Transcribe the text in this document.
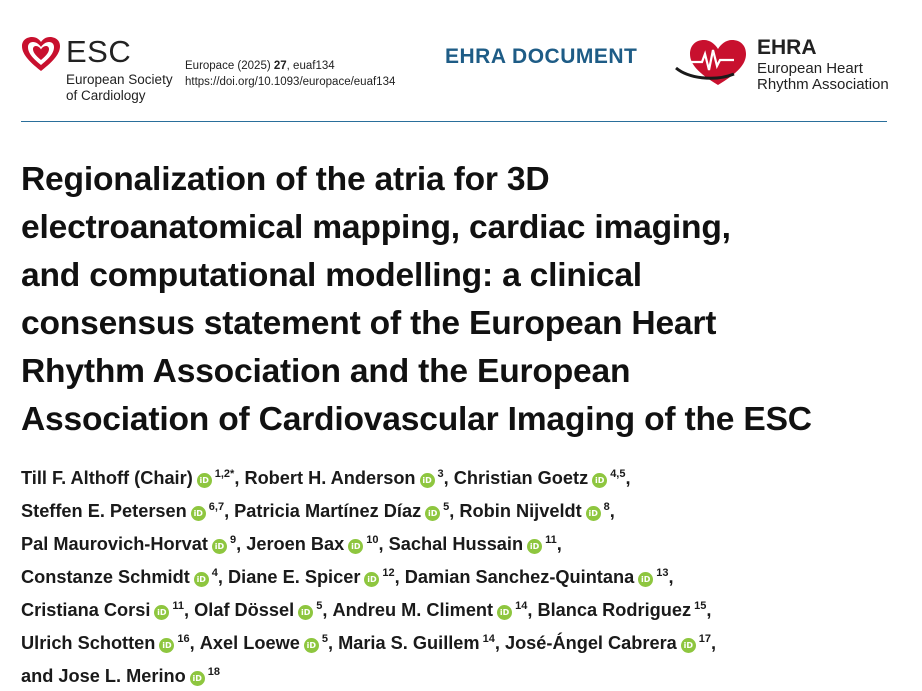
ESC
European Society
of Cardiology
Europace (2025) 27, euaf134
https://doi.org/10.1093/europace/euaf134
EHRA DOCUMENT	EHRA
European Heart
Rhythm Association
Regionalization of the atria for 3D
electroanatomical mapping, cardiac imaging,
and computational modelling: a clinical
consensus statement of the European Heart
Rhythm Association and the European
Association of Cardiovascular Imaging of the ESC
Till F. Althoff (Chair) $iD^{1,2*}$, Robert H. Anderson $iD^3$, Christian Goetz iD$^{4,5}$,
Steffen E. Petersen iD$^{6,7}$, Patricia Martínez Díaz $iD^5$, Robin Nijveldt $iD^8$,
Pal Maurovich-Horvat $iD^9$, Jeroen Bax $iD^{10}$, Sachal Hussain $iD^{11}$,
Constanze Schmidt $iD^4$, Diane E. Spicer $iD^{12}$, Damian Sanchez-Quintana $iD^{13}$,
Cristiana Corsi $iD^{11}$, Olaf Dössel $iD^5$, Andreu M. Climent $iD^{14}$, Blanca Rodriguez $^{15}$,
Ulrich Schotten $iD^{16}$, Axel Loewe $iD^5$, Maria S. Guillem $^{14}$, José-Ángel Cabrera $iD^{17}$,
and Jose L. Merino $iD^{18}$
